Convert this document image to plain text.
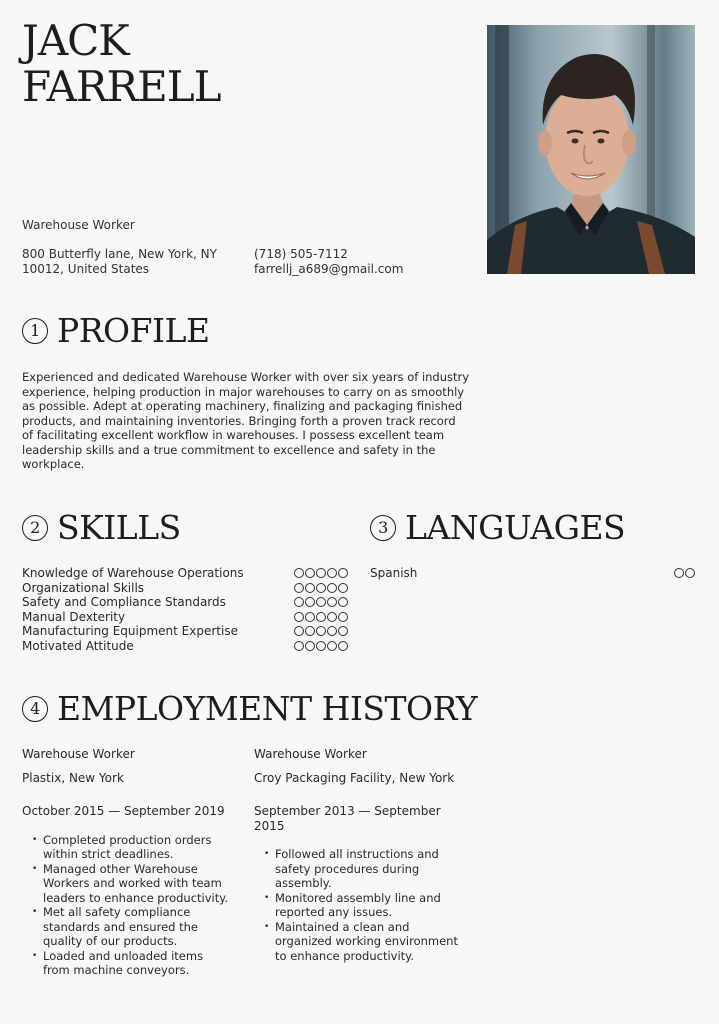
JACK
FARRELL
Warehouse Worker
800 Butterfly lane, New York, NY
10012, United States
(718) 505-7112
farrellj_a689@gmail.com
1 PROFILE
Experienced and dedicated Warehouse Worker with over six years of industry experience, helping production in major warehouses to carry on as smoothly as possible. Adept at operating machinery, finalizing and packaging finished products, and maintaining inventories. Bringing forth a proven track record of facilitating excellent workflow in warehouses. I possess excellent team leadership skills and a true commitment to excellence and safety in the workplace.
2 SKILLS
Knowledge of Warehouse Operations
Organizational Skills
Safety and Compliance Standards
Manual Dexterity
Manufacturing Equipment Expertise
Motivated Attitude
3 LANGUAGES
Spanish
4 EMPLOYMENT HISTORY

Warehouse Worker

Plastix, New York

October 2015 — September 2019

• Completed production orders within strict deadlines.
• Managed other Warehouse Workers and worked with team leaders to enhance productivity.
• Met all safety compliance standards and ensured the quality of our products.
• Loaded and unloaded items from machine conveyors.

Warehouse Worker

Croy Packaging Facility, New York

September 2013 — September 2015

• Followed all instructions and safety procedures during assembly.
• Monitored assembly line and reported any issues.
• Maintained a clean and organized working environment to enhance productivity.
